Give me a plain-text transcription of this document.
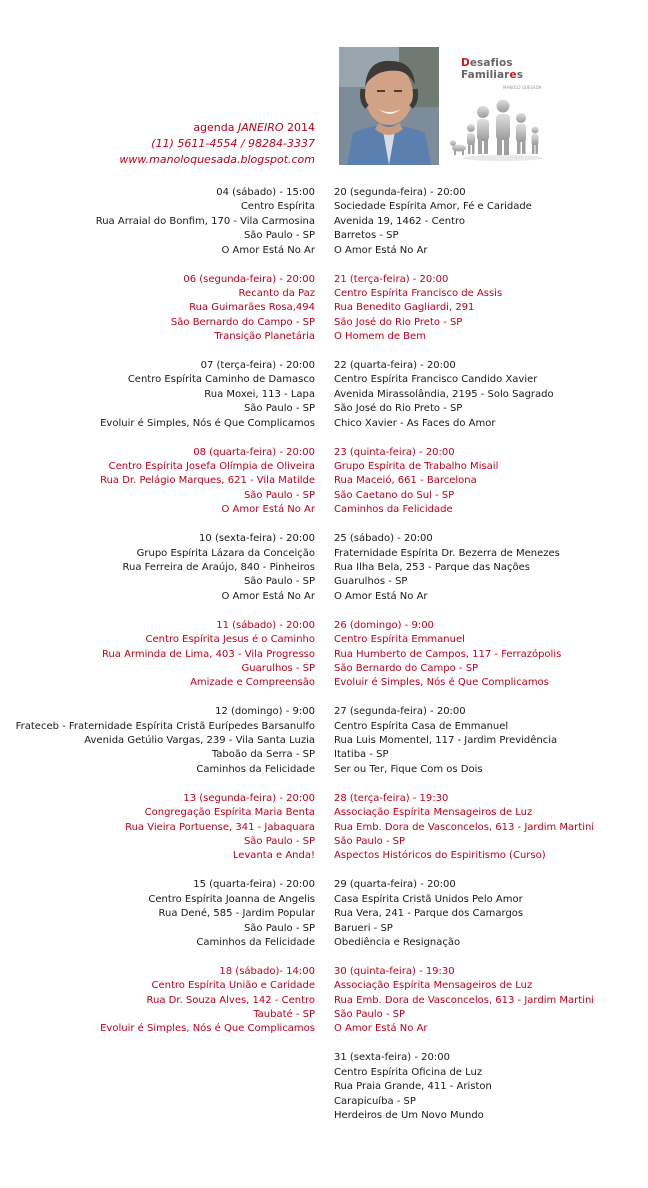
Desafios
Familiares
MANOLO QUESADA
agenda JANEIRO 2014
(11) 5611-4554 / 98284-3337
www.manoloquesada.blogspot.com
04 (sábado) - 15:00
Centro Espírita
Rua Arraial do Bonfim, 170 - Vila Carmosina
São Paulo - SP
O Amor Está No Ar
06 (segunda-feira) - 20:00
Recanto da Paz
Rua Guimarães Rosa,494
São Bernardo do Campo - SP
Transição Planetária
07 (terça-feira) - 20:00
Centro Espírita Caminho de Damasco
Rua Moxei, 113 - Lapa
São Paulo - SP
Evoluir é Simples, Nós é Que Complicamos
08 (quarta-feira) - 20:00
Centro Espírita Josefa Olímpia de Oliveira
Rua Dr. Pelágio Marques, 621 - Vila Matilde
São Paulo - SP
O Amor Está No Ar
10 (sexta-feira) - 20:00
Grupo Espírita Lázara da Conceição
Rua Ferreira de Araújo, 840 - Pinheiros
São Paulo - SP
O Amor Está No Ar
11 (sábado) - 20:00
Centro Espírita Jesus é o Caminho
Rua Arminda de Lima, 403 - Vila Progresso
Guarulhos - SP
Amizade e Compreensão
12 (domingo) - 9:00
Frateceb - Fraternidade Espírita Cristã Eurípedes Barsanulfo
Avenida Getúlio Vargas, 239 - Vila Santa Luzia
Taboão da Serra - SP
Caminhos da Felicidade
13 (segunda-feira) - 20:00
Congregação Espírita Maria Benta
Rua Vieira Portuense, 341 - Jabaquara
São Paulo - SP
Levanta e Anda!
15 (quarta-feira) - 20:00
Centro Espírita Joanna de Angelis
Rua Dené, 585 - Jardim Popular
São Paulo - SP
Caminhos da Felicidade
18 (sábado)- 14:00
Centro Espírita União e Caridade
Rua Dr. Souza Alves, 142 - Centro
Taubaté - SP
Evoluir é Simples, Nós é Que Complicamos
20 (segunda-feira) - 20:00
Sociedade Espírita Amor, Fé e Caridade
Avenida 19, 1462 - Centro
Barretos - SP
O Amor Está No Ar
21 (terça-feira) - 20:00
Centro Espírita Francisco de Assis
Rua Benedito Gagliardi, 291
São José do Rio Preto - SP
O Homem de Bem
22 (quarta-feira) - 20:00
Centro Espírita Francisco Candido Xavier
Avenida Mirassolândia, 2195 - Solo Sagrado
São José do Rio Preto - SP
Chico Xavier - As Faces do Amor
23 (quinta-feira) - 20:00
Grupo Espírita de Trabalho Misail
Rua Maceió, 661 - Barcelona
São Caetano do Sul - SP
Caminhos da Felicidade
25 (sábado) - 20:00
Fraternidade Espírita Dr. Bezerra de Menezes
Rua Ilha Bela, 253 - Parque das Nações
Guarulhos - SP
O Amor Está No Ar
26 (domingo) - 9:00
Centro Espírita Emmanuel
Rua Humberto de Campos, 117 - Ferrazópolis
São Bernardo do Campo - SP
Evoluir é Simples, Nós é Que Complicamos
27 (segunda-feira) - 20:00
Centro Espírita Casa de Emmanuel
Rua Luis Momentel, 117 - Jardim Previdência
Itatiba - SP
Ser ou Ter, Fique Com os Dois
28 (terça-feira) - 19:30
Associação Espírita Mensageiros de Luz
Rua Emb. Dora de Vasconcelos, 613 - Jardim Martini
São Paulo - SP
Aspectos Históricos do Espiritismo (Curso)
29 (quarta-feira) - 20:00
Casa Espírita Cristã Unidos Pelo Amor
Rua Vera, 241 - Parque dos Camargos
Barueri - SP
Obediência e Resignação
30 (quinta-feira) - 19:30
Associação Espírita Mensageiros de Luz
Rua Emb. Dora de Vasconcelos, 613 - Jardim Martini
São Paulo - SP
O Amor Está No Ar
31 (sexta-feira) - 20:00
Centro Espírita Oficina de Luz
Rua Praia Grande, 411 - Ariston
Carapicuíba - SP
Herdeiros de Um Novo Mundo
